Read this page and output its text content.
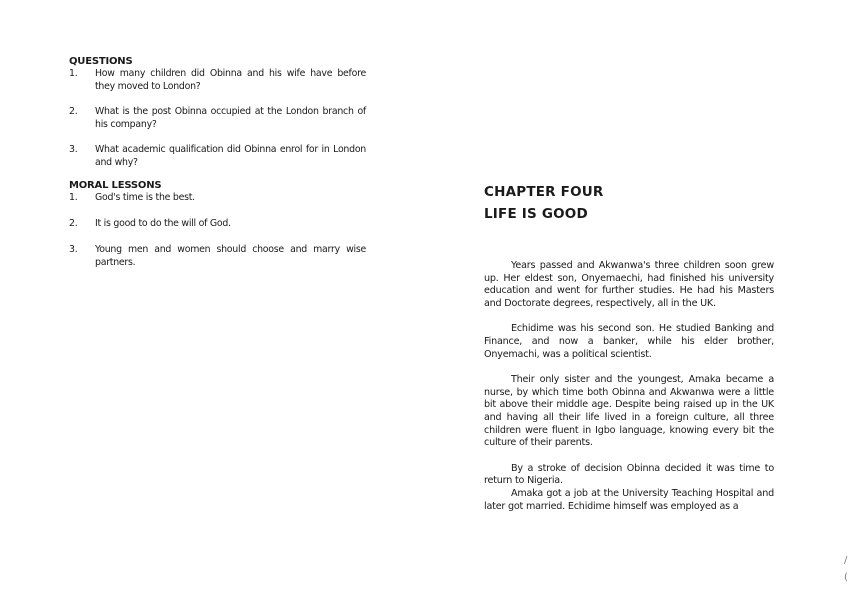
QUESTIONS
1. How many children did Obinna and his wife have before they moved to London?
2. What is the post Obinna occupied at the London branch of his company?
3. What academic qualification did Obinna enrol for in London and why?
MORAL LESSONS
1. God's time is the best.
2. It is good to do the will of God.
3. Young men and women should choose and marry wise partners.
CHAPTER FOUR
LIFE IS GOOD

Years passed and Akwanwa's three children soon grew up. Her eldest son, Onyemaechi, had finished his university education and went for further studies. He had his Masters and Doctorate degrees, respectively, all in the UK.

Echidime was his second son. He studied Banking and Finance, and now a banker, while his elder brother, Onyemachi, was a political scientist.

Their only sister and the youngest, Amaka became a nurse, by which time both Obinna and Akwanwa were a little bit above their middle age. Despite being raised up in the UK and having all their life lived in a foreign culture, all three children were fluent in Igbo language, knowing every bit the culture of their parents.

By a stroke of decision Obinna decided it was time to return to Nigeria.

Amaka got a job at the University Teaching Hospital and later got married. Echidime himself was employed as a

/
(
